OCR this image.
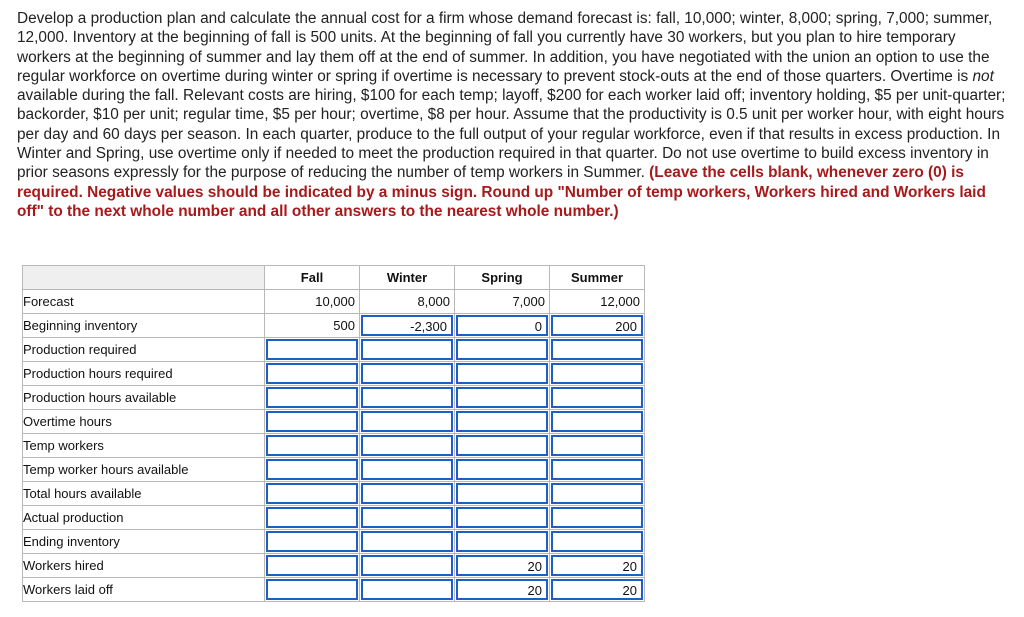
Develop a production plan and calculate the annual cost for a firm whose demand forecast is: fall, 10,000; winter, 8,000; spring, 7,000; summer, 12,000. Inventory at the beginning of fall is 500 units. At the beginning of fall you currently have 30 workers, but you plan to hire temporary workers at the beginning of summer and lay them off at the end of summer. In addition, you have negotiated with the union an option to use the regular workforce on overtime during winter or spring if overtime is necessary to prevent stock-outs at the end of those quarters. Overtime is not available during the fall. Relevant costs are hiring, $100 for each temp; layoff, $200 for each worker laid off; inventory holding, $5 per unit-quarter; backorder, $10 per unit; regular time, $5 per hour; overtime, $8 per hour. Assume that the productivity is 0.5 unit per worker hour, with eight hours per day and 60 days per season. In each quarter, produce to the full output of your regular workforce, even if that results in excess production. In Winter and Spring, use overtime only if needed to meet the production required in that quarter. Do not use overtime to build excess inventory in prior seasons expressly for the purpose of reducing the number of temp workers in Summer. (Leave the cells blank, whenever zero (0) is required. Negative values should be indicated by a minus sign. Round up "Number of temp workers, Workers hired and Workers laid off" to the next whole number and all other answers to the nearest whole number.)
	Fall	Winter	Spring	Summer
Forecast	10,000	8,000	7,000	12,000

Beginning inventory	500	-2,300	0	200

Production required	

Production hours required	

Production hours available	

Overtime hours	

Temp workers	

Temp worker hours available	

Total hours available	

Actual production	

Ending inventory	

Workers hired			20	20

Workers laid off			20	20
